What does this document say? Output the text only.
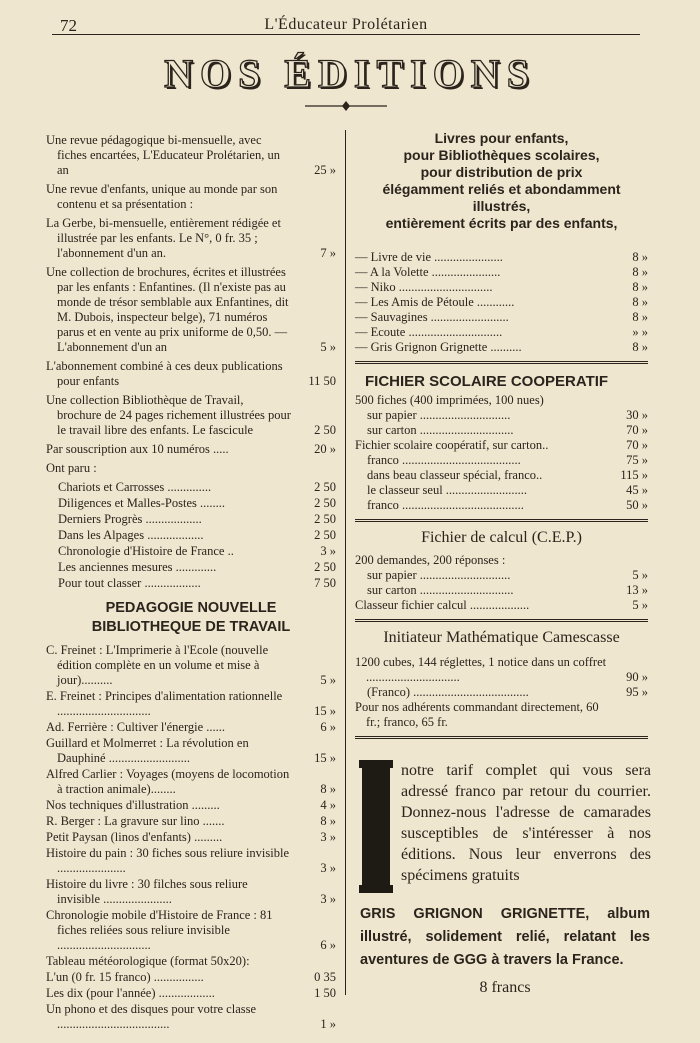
72	L'Éducateur Prolétarien
NOS ÉDITIONS
Une revue pédagogique bi-mensuelle, avec fiches encartées, L'Educateur Prolétarien, un an	25 »
Une revue d'enfants, unique au monde par son contenu et sa présentation :
La Gerbe, bi-mensuelle, entièrement rédigée et illustrée par les enfants. Le N°, 0 fr. 35 ; l'abonnement d'un an.	7 »
Une collection de brochures, écrites et illustrées par les enfants : Enfantines. (Il n'existe pas au monde de trésor semblable aux Enfantines, dit M. Dubois, inspecteur belge), 71 numéros parus et en vente au prix uniforme de 0,50. — L'abonnement d'un an	5 »
L'abonnement combiné à ces deux publications pour enfants	11 50
Une collection Bibliothèque de Travail, brochure de 24 pages richement illustrées pour le travail libre des enfants. Le fascicule	2 50
Par souscription aux 10 numéros .....	20 »
Ont paru :
Chariots et Carrosses ..............	2 50
Diligences et Malles-Postes ........	2 50
Derniers Progrès ..................	2 50
Dans les Alpages ..................	2 50
Chronologie d'Histoire de France ..	3 »
Les anciennes mesures .............	2 50
Pour tout classer ..................	7 50
PEDAGOGIE NOUVELLE
BIBLIOTHEQUE DE TRAVAIL
C. Freinet : L'Imprimerie à l'Ecole (nouvelle édition complète en un volume et mise à jour)..........	5 »
E. Freinet : Principes d'alimentation rationnelle ..............................	15 »
Ad. Ferrière : Cultiver l'énergie ......	6 »
Guillard et Molmerret : La révolution en Dauphiné ..........................	15 »
Alfred Carlier : Voyages (moyens de locomotion à traction animale)........	8 »
Nos techniques d'illustration .........	4 »
R. Berger : La gravure sur lino .......	8 »
Petit Paysan (linos d'enfants) .........	3 »
Histoire du pain : 30 fiches sous reliure invisible ......................	3 »
Histoire du livre : 30 filches sous reliure invisible ......................	3 »
Chronologie mobile d'Histoire de France : 81 fiches reliées sous reliure invisible ..............................	6 »
Tableau météorologique (format 50x20):
L'un (0 fr. 15 franco) ................	0 35
Les dix (pour l'année) ..................	1 50
Un phono et des disques pour votre classe ....................................	1 »
Livres pour enfants,
pour Bibliothèques scolaires,
pour distribution de prix
élégamment reliés et abondamment
illustrés,
entièrement écrits par des enfants,
— Livre de vie ......................	8 »
— A la Volette ......................	8 »
— Niko ..............................	8 »
— Les Amis de Pétoule ............	8 »
— Sauvagines .........................	8 »
— Ecoute ..............................	» »
— Gris Grignon Grignette ..........	8 »
FICHIER SCOLAIRE COOPERATIF
500 fiches (400 imprimées, 100 nues)
sur papier .............................	30 »
sur carton ..............................	70 »
Fichier scolaire coopératif, sur carton..	70 »
franco ......................................	75 »
dans beau classeur spécial, franco..	115 »
le classeur seul ..........................	45 »
franco .......................................	50 »
Fichier de calcul (C.E.P.)
200 demandes, 200 réponses :
sur papier .............................	5 »
sur carton ..............................	13 »
Classeur fichier calcul ...................	5 »
Initiateur Mathématique Camescasse
1200 cubes, 144 réglettes, 1 notice dans un coffret ..............................	90 »
(Franco) .....................................	95 »
Pour nos adhérents commandant directement, 60 fr.; franco, 65 fr.
notre tarif complet qui vous sera adressé franco par retour du courrier. Donnez-nous l'adresse de camarades susceptibles de s'intéresser à nos éditions. Nous leur enverrons des spécimens gratuits
GRIS GRIGNON GRIGNETTE, album illustré, solidement relié, relatant les aventures de GGG à travers la France.
8 francs
